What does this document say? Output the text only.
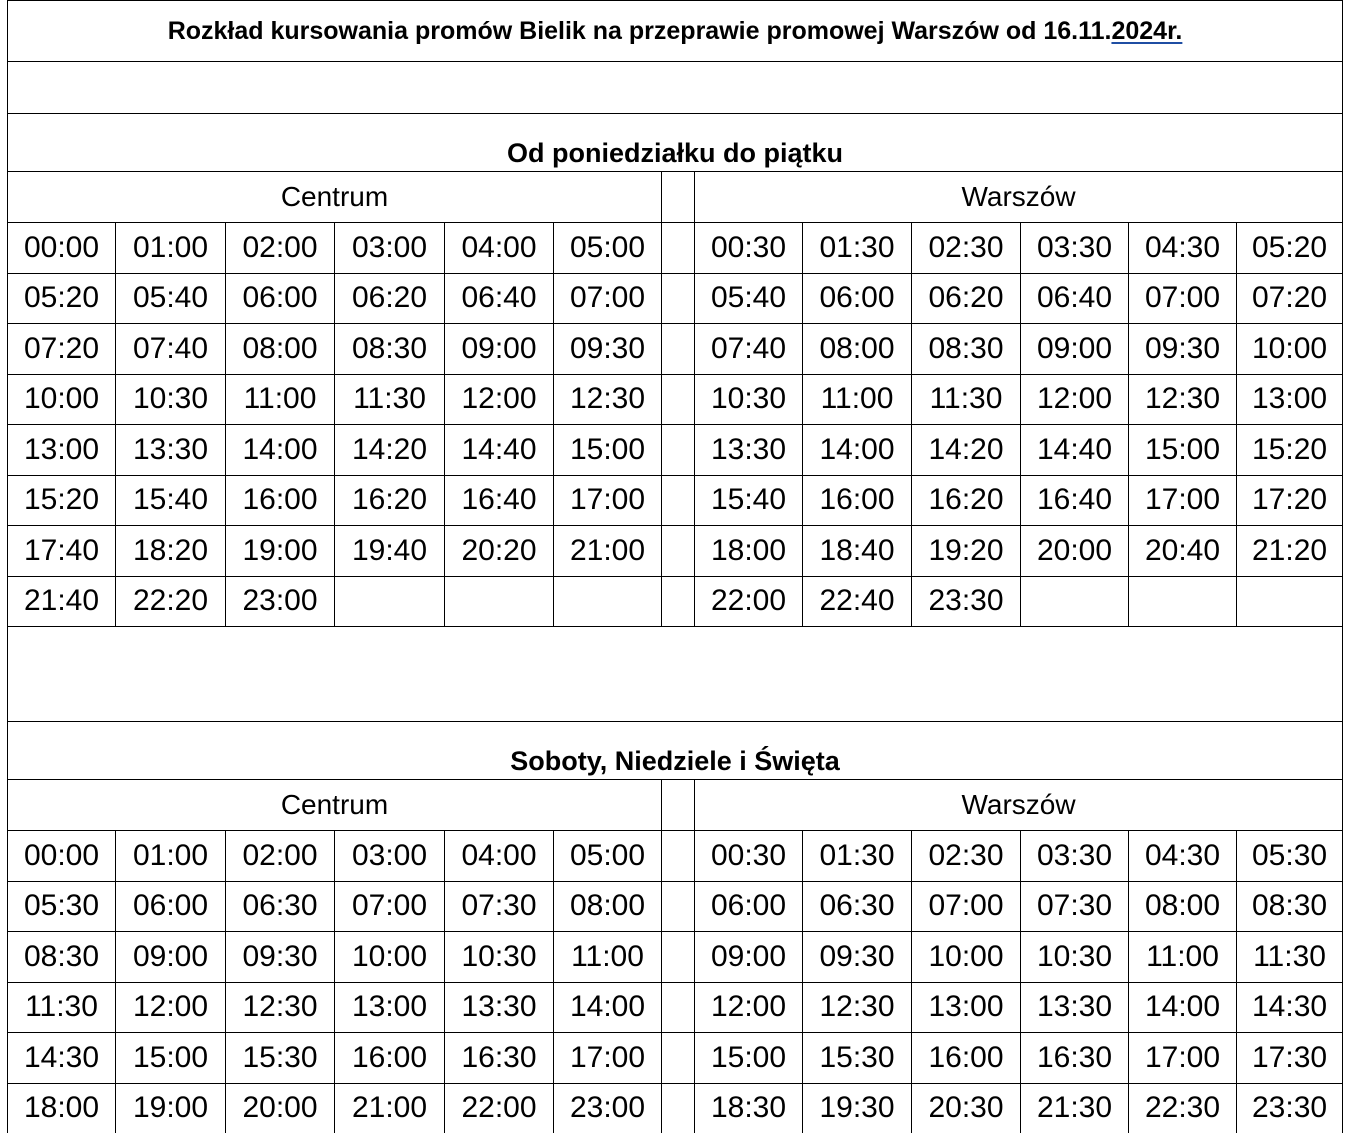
Rozkład kursowania promów Bielik na przeprawie promowej Warszów od 16.11.2024r.												

Od poniedziałku do piątku												
Centrum							Warszów					
00:00	01:00	02:00	03:00	04:00	05:00		00:30	01:30	02:30	03:30	04:30	05:20
05:20	05:40	06:00	06:20	06:40	07:00		05:40	06:00	06:20	06:40	07:00	07:20
07:20	07:40	08:00	08:30	09:00	09:30		07:40	08:00	08:30	09:00	09:30	10:00
10:00	10:30	11:00	11:30	12:00	12:30		10:30	11:00	11:30	12:00	12:30	13:00
13:00	13:30	14:00	14:20	14:40	15:00		13:30	14:00	14:20	14:40	15:00	15:20
15:20	15:40	16:00	16:20	16:40	17:00		15:40	16:00	16:20	16:40	17:00	17:20
17:40	18:20	19:00	19:40	20:20	21:00		18:00	18:40	19:20	20:00	20:40	21:20
21:40	22:20	23:00					22:00	22:40	23:30			

Soboty, Niedziele i Święta												
Centrum							Warszów					
00:00	01:00	02:00	03:00	04:00	05:00		00:30	01:30	02:30	03:30	04:30	05:30
05:30	06:00	06:30	07:00	07:30	08:00		06:00	06:30	07:00	07:30	08:00	08:30
08:30	09:00	09:30	10:00	10:30	11:00		09:00	09:30	10:00	10:30	11:00	11:30
11:30	12:00	12:30	13:00	13:30	14:00		12:00	12:30	13:00	13:30	14:00	14:30
14:30	15:00	15:30	16:00	16:30	17:00		15:00	15:30	16:00	16:30	17:00	17:30
18:00	19:00	20:00	21:00	22:00	23:00		18:30	19:30	20:30	21:30	22:30	23:30
